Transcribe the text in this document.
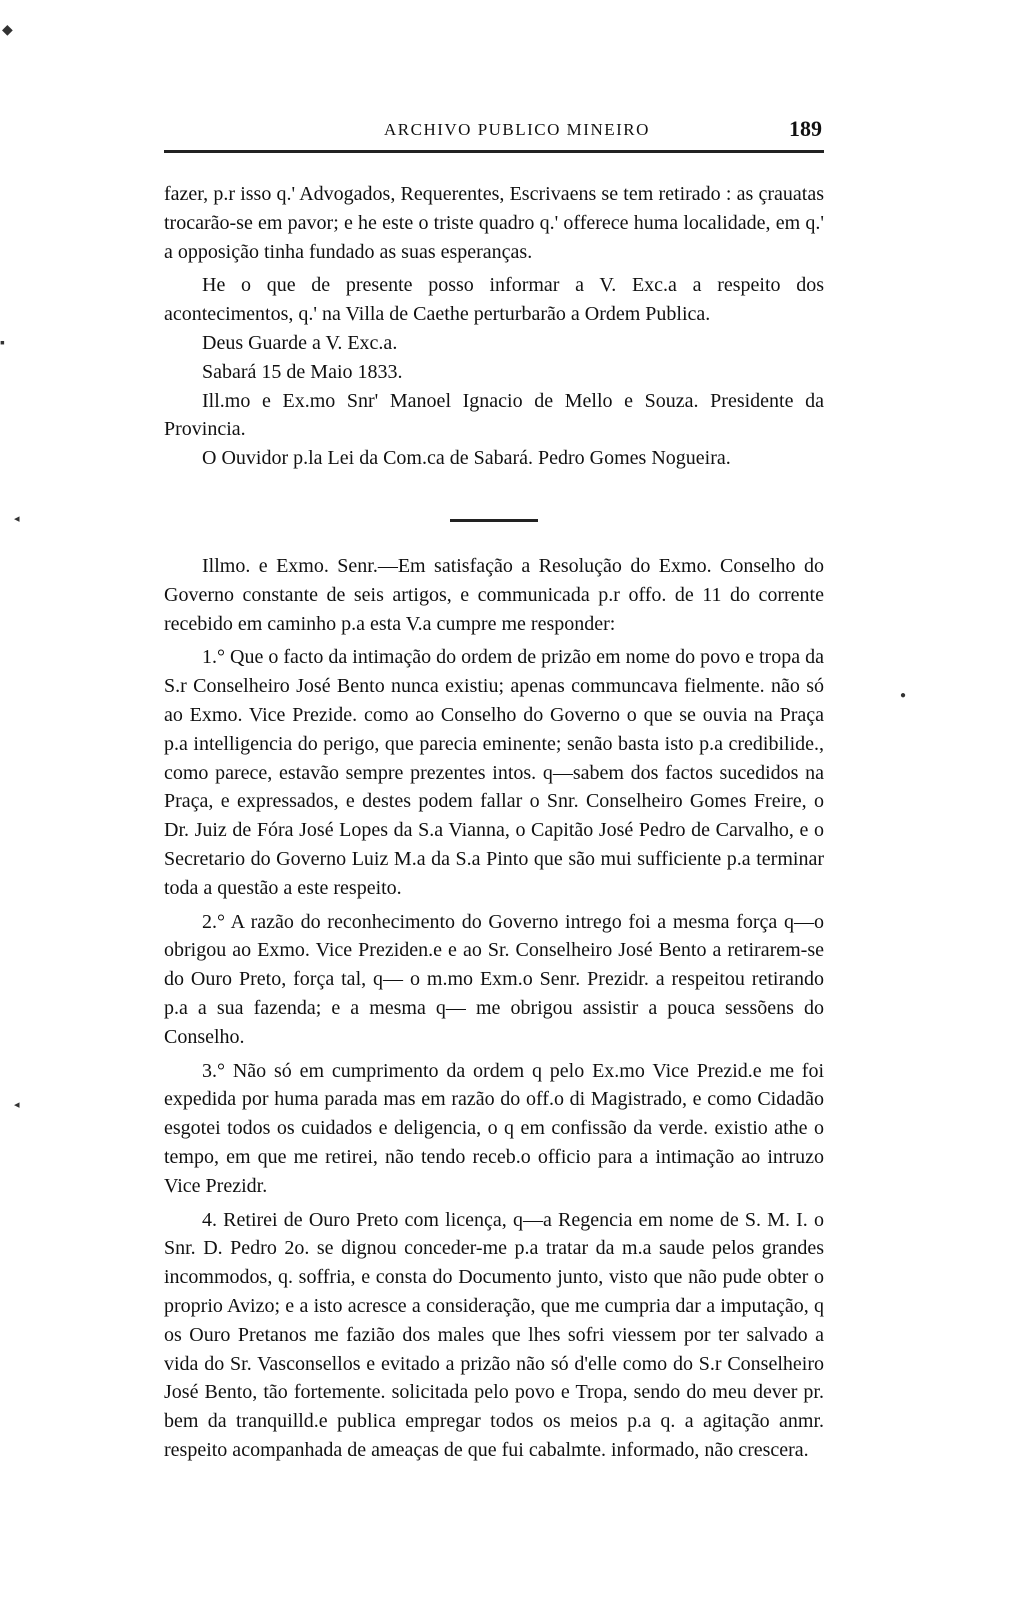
ARCHIVO PUBLICO MINEIRO	189

fazer, p.r isso q.' Advogados, Requerentes, Escrivaens se tem retirado : as çrauatas trocarão-se em pavor; e he este o triste quadro q.' offerece huma localidade, em q.' a opposição tinha fundado as suas esperanças.

He o que de presente posso informar a V. Exc.a a respeito dos acontecimentos, q.' na Villa de Caethe perturbarão a Ordem Publica.

Deus Guarde a V. Exc.a.

Sabará 15 de Maio 1833.

Ill.mo e Ex.mo Snr' Manoel Ignacio de Mello e Souza. Presidente da Provincia.

O Ouvidor p.la Lei da Com.ca de Sabará. Pedro Gomes Nogueira.

Illmo. e Exmo. Senr.—Em satisfação a Resolução do Exmo. Conselho do Governo constante de seis artigos, e communicada p.r offo. de 11 do corrente recebido em caminho p.a esta V.a cumpre me responder:

1.° Que o facto da intimação do ordem de prizão em nome do povo e tropa da S.r Conselheiro José Bento nunca existiu; apenas communcava fielmente. não só ao Exmo. Vice Prezide. como ao Conselho do Governo o que se ouvia na Praça p.a intelligencia do perigo, que parecia eminente; senão basta isto p.a credibilide., como parece, estavão sempre prezentes intos. q—sabem dos factos sucedidos na Praça, e expressados, e destes podem fallar o Snr. Conselheiro Gomes Freire, o Dr. Juiz de Fóra José Lopes da S.a Vianna, o Capitão José Pedro de Carvalho, e o Secretario do Governo Luiz M.a da S.a Pinto que são mui sufficiente p.a terminar toda a questão a este respeito.

2.° A razão do reconhecimento do Governo intrego foi a mesma força q—o obrigou ao Exmo. Vice Preziden.e e ao Sr. Conselheiro José Bento a retirarem-se do Ouro Preto, força tal, q— o m.mo Exm.o Senr. Prezidr. a respeitou retirando p.a a sua fazenda; e a mesma q— me obrigou assistir a pouca sessõens do Conselho.

3.° Não só em cumprimento da ordem q pelo Ex.mo Vice Prezid.e me foi expedida por huma parada mas em razão do off.o di Magistrado, e como Cidadão esgotei todos os cuidados e deligencia, o q em confissão da verde. existio athe o tempo, em que me retirei, não tendo receb.o officio para a intimação ao intruzo Vice Prezidr.

4. Retirei de Ouro Preto com licença, q—a Regencia em nome de S. M. I. o Snr. D. Pedro 2o. se dignou conceder-me p.a tratar da m.a saude pelos grandes incommodos, q. soffria, e consta do Documento junto, visto que não pude obter o proprio Avizo; e a isto acresce a consideração, que me cumpria dar a imputação, q os Ouro Pretanos me fazião dos males que lhes sofri viessem por ter salvado a vida do Sr. Vasconsellos e evitado a prizão não só d'elle como do S.r Conselheiro José Bento, tão fortemente. solicitada pelo povo e Tropa, sendo do meu dever pr. bem da tranquilld.e publica empregar todos os meios p.a q. a agitação anmr. respeito acompanhada de ameaças de que fui cabalmte. informado, não crescera.

◆
▪
◂
●
◂
